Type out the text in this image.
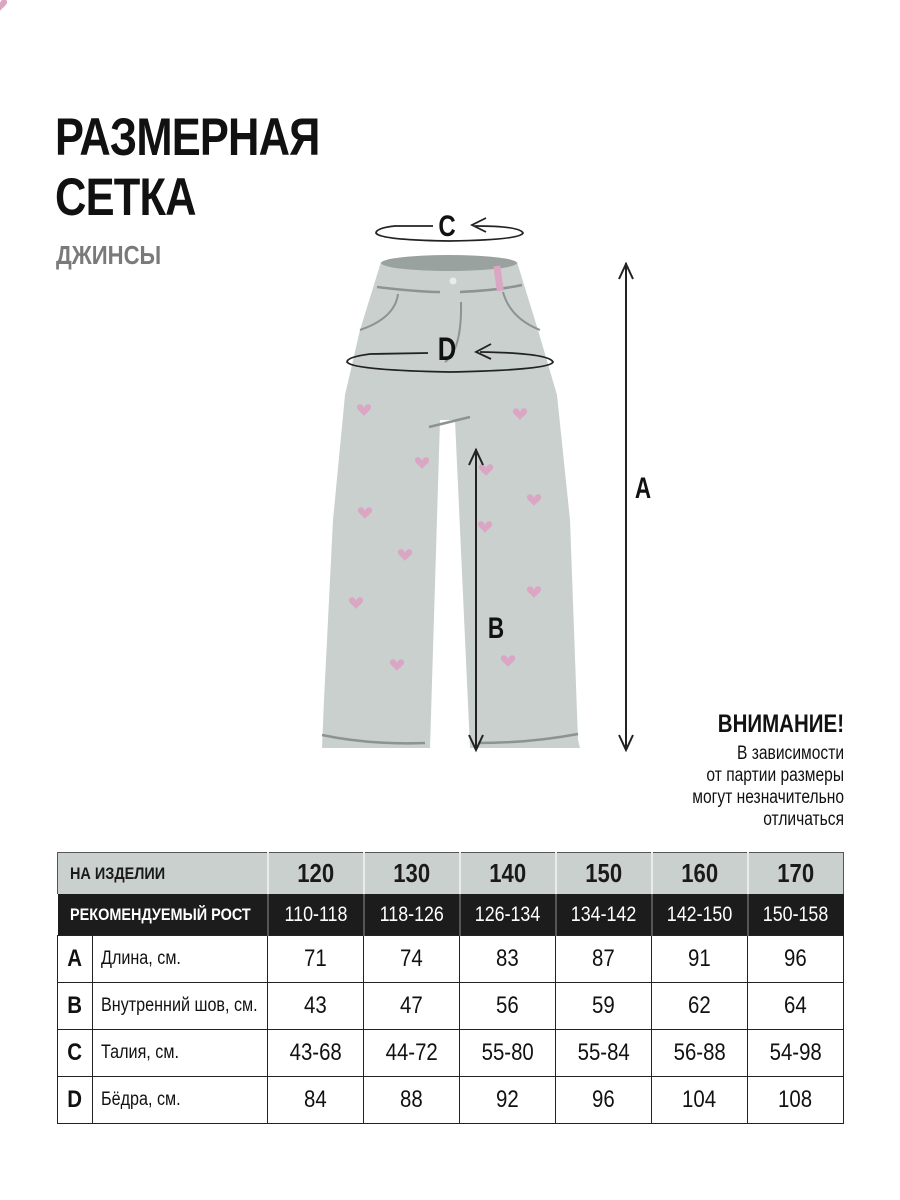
РАЗМЕРНАЯ
СЕТКА
ДЖИНСЫ
C
D
A
B
ВНИМАНИЕ!
В зависимости
от партии размеры
могут незначительно
отличаться
НА ИЗДЕЛИИ		120	130	140	150	160	170
РЕКОМЕНДУЕМЫЙ РОСТ		110-118	118-126	126-134	134-142	142-150	150-158
A	Длина, см.	71	74	83	87	91	96
B	Внутренний шов, см.	43	47	56	59	62	64
C	Талия, см.	43-68	44-72	55-80	55-84	56-88	54-98
D	Бёдра, см.	84	88	92	96	104	108
